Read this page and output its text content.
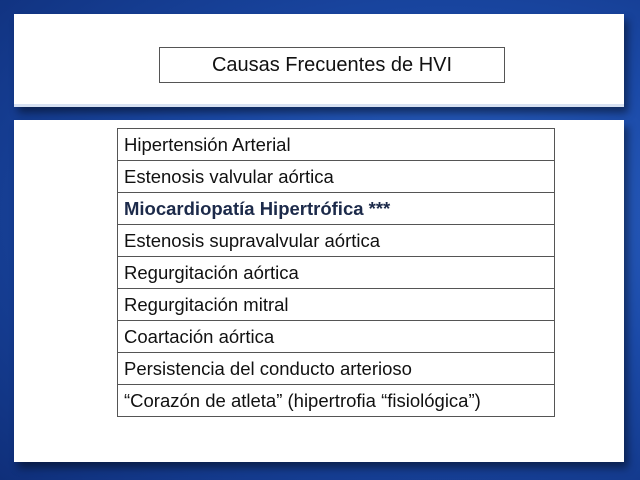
Causas Frecuentes de HVI
Hipertensión Arterial
Estenosis valvular aórtica
Miocardiopatía Hipertrófica ***
Estenosis supravalvular aórtica
Regurgitación aórtica
Regurgitación mitral
Coartación aórtica
Persistencia del conducto arterioso
“Corazón de atleta” (hipertrofia “fisiológica”)
